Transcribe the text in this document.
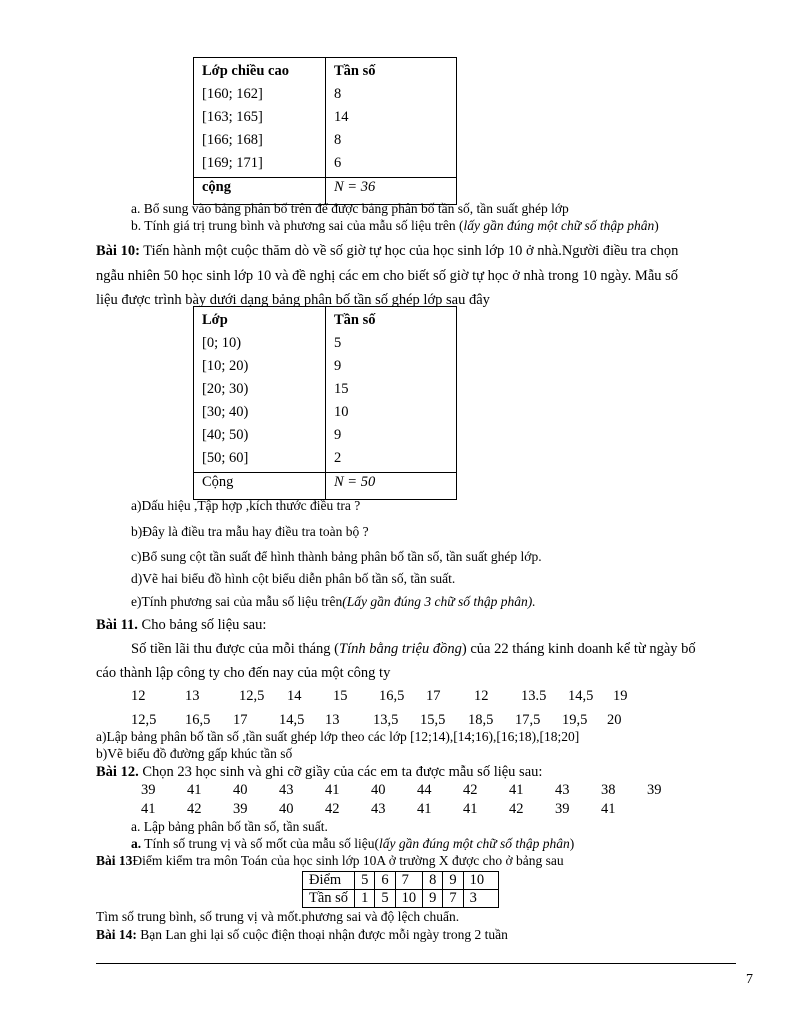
Lớp chiều cao	Tần số
[160; 162]	8
[163; 165]	14
[166; 168]	8
[169; 171]	6
cộng	N = 36
a. Bổ sung vào bảng phân bố trên để được bảng phân bố tần số, tần suất ghép lớp
b. Tính giá trị trung bình và phương sai của mẫu số liệu trên (lấy gần đúng một chữ số thập phân)
Bài 10: Tiến hành một cuộc thăm dò về số giờ tự học của học sinh lớp 10 ở nhà.Người điều tra chọn
ngẫu nhiên 50 học sinh lớp 10 và đề nghị các em cho biết số giờ tự học ở nhà trong 10 ngày. Mẫu số
liệu được trình bày dưới dạng bảng phân bố tần số ghép lớp sau đây
Lớp	Tần số
[0; 10)	5
[10; 20)	9
[20; 30)	15
[30; 40)	10
[40; 50)	9
[50; 60]	2
Cộng	N = 50
a)Dấu hiệu ,Tập hợp ,kích thước điều tra ?
b)Đây là điều tra mẫu hay điều tra toàn bộ ?
c)Bổ sung cột tần suất để hình thành bảng phân bố tần số, tần suất ghép lớp.
d)Vẽ hai biểu đồ hình cột biểu diễn phân bố tần số, tần suất.
e)Tính phương sai của mẫu số liệu trên(Lấy gần đúng 3 chữ số thập phân).
Bài 11. Cho bảng số liệu sau:
Số tiền lãi thu được của mỗi tháng (Tính bằng triệu đồng) của 22 tháng kinh doanh kể từ ngày bố
cáo thành lập công ty cho đến nay của một công ty
12	13	12,5	14	15	16,5	17	12	13.5	14,5	19
12,5	16,5	17	14,5	13	13,5	15,5	18,5	17,5	19,5	20
a)Lập bảng phân bố tần số ,tần suất ghép lớp theo các lớp [12;14),[14;16),[16;18),[18;20]
b)Vẽ biểu đồ đường gấp khúc tần số
Bài 12. Chọn 23 học sinh và ghi cỡ giầy của các em ta được mẫu số liệu sau:
39	41	40	43	41	40	44	42	41	43	38	39
41	42	39	40	42	43	41	41	42	39	41
a. Lập bảng phân bố tần số, tần suất.
a. Tính số trung vị và số mốt của mẫu số liệu(lấy gần đúng một chữ số thập phân)
Bài 13Điểm kiểm tra môn Toán của học sinh lớp 10A ở trường X được cho ở bảng sau
Điểm	5	6	7	8	9	10
Tần số	1	5	10	9	7	3
Tìm số trung bình, số trung vị và mốt.phương sai và độ lệch chuẩn.
Bài 14: Bạn Lan ghi lại số cuộc điện thoại nhận được mỗi ngày trong 2 tuần
7
